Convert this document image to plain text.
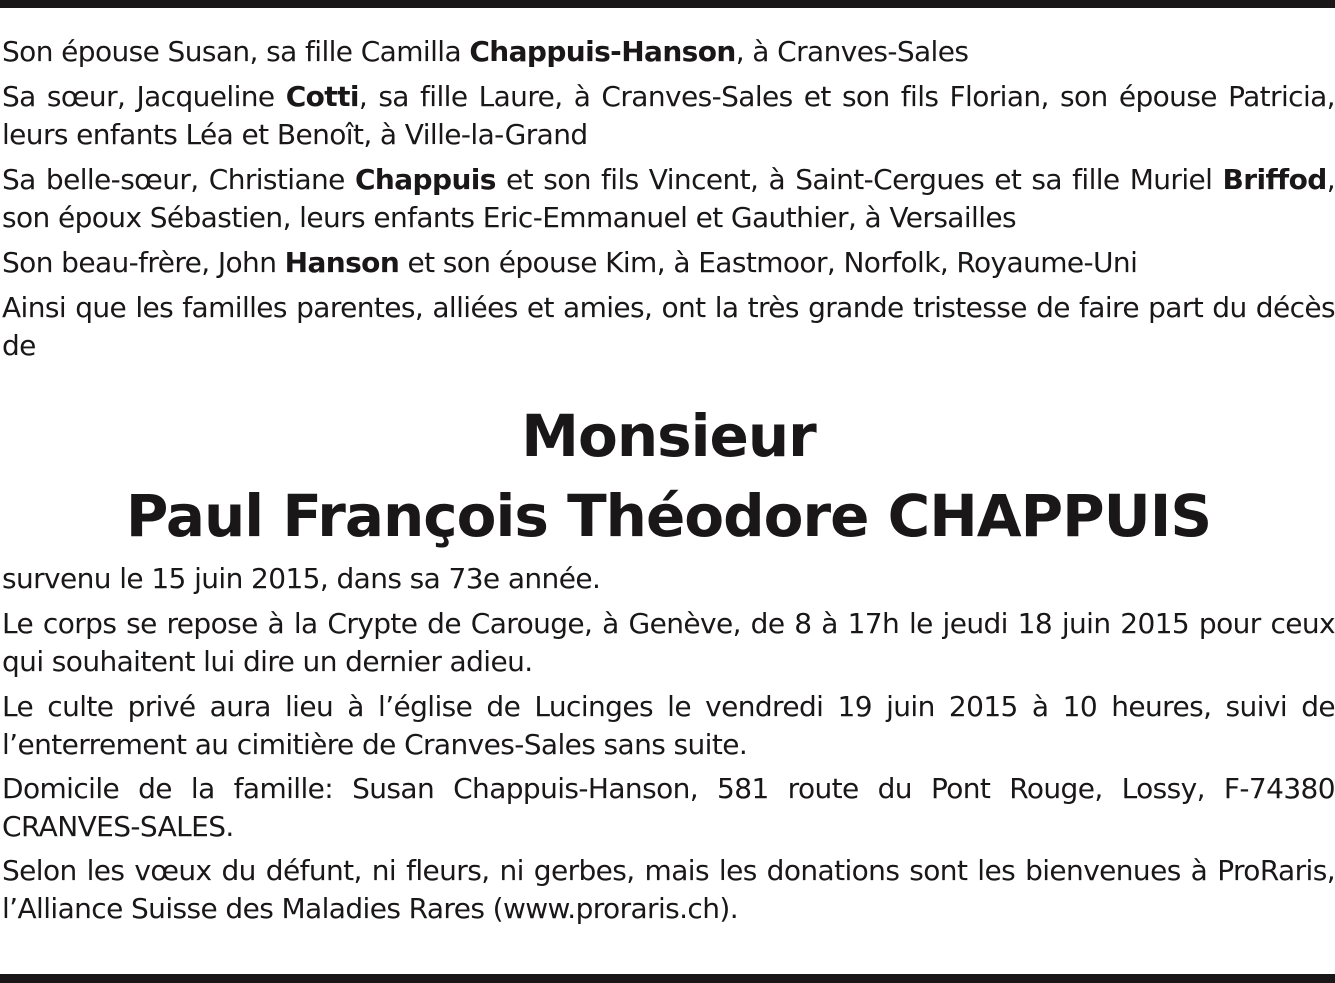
Son épouse Susan, sa fille Camilla Chappuis-Hanson, à Cranves-Sales

Sa sœur, Jacqueline Cotti, sa fille Laure, à Cranves-Sales et son fils Florian, son épouse Patricia, leurs enfants Léa et Benoît, à Ville-la-Grand

Sa belle-sœur, Christiane Chappuis et son fils Vincent, à Saint-Cergues et sa fille Muriel Briffod, son époux Sébastien, leurs enfants Eric-Emmanuel et Gauthier, à Versailles

Son beau-frère, John Hanson et son épouse Kim, à Eastmoor, Norfolk, Royaume-Uni

Ainsi que les familles parentes, alliées et amies, ont la très grande tristesse de faire part du décès de

Monsieur
Paul François Théodore CHAPPUIS

survenu le 15 juin 2015, dans sa 73e année.

Le corps se repose à la Crypte de Carouge, à Genève, de 8 à 17h le jeudi 18 juin 2015 pour ceux qui souhaitent lui dire un dernier adieu.

Le culte privé aura lieu à l’église de Lucinges le vendredi 19 juin 2015 à 10 heures, suivi de l’enterrement au cimitière de Cranves-Sales sans suite.

Domicile de la famille: Susan Chappuis-Hanson, 581 route du Pont Rouge, Lossy, F-74380 CRANVES-SALES.

Selon les vœux du défunt, ni fleurs, ni gerbes, mais les donations sont les bienvenues à ProRaris, l’Alliance Suisse des Maladies Rares (www.proraris.ch).
